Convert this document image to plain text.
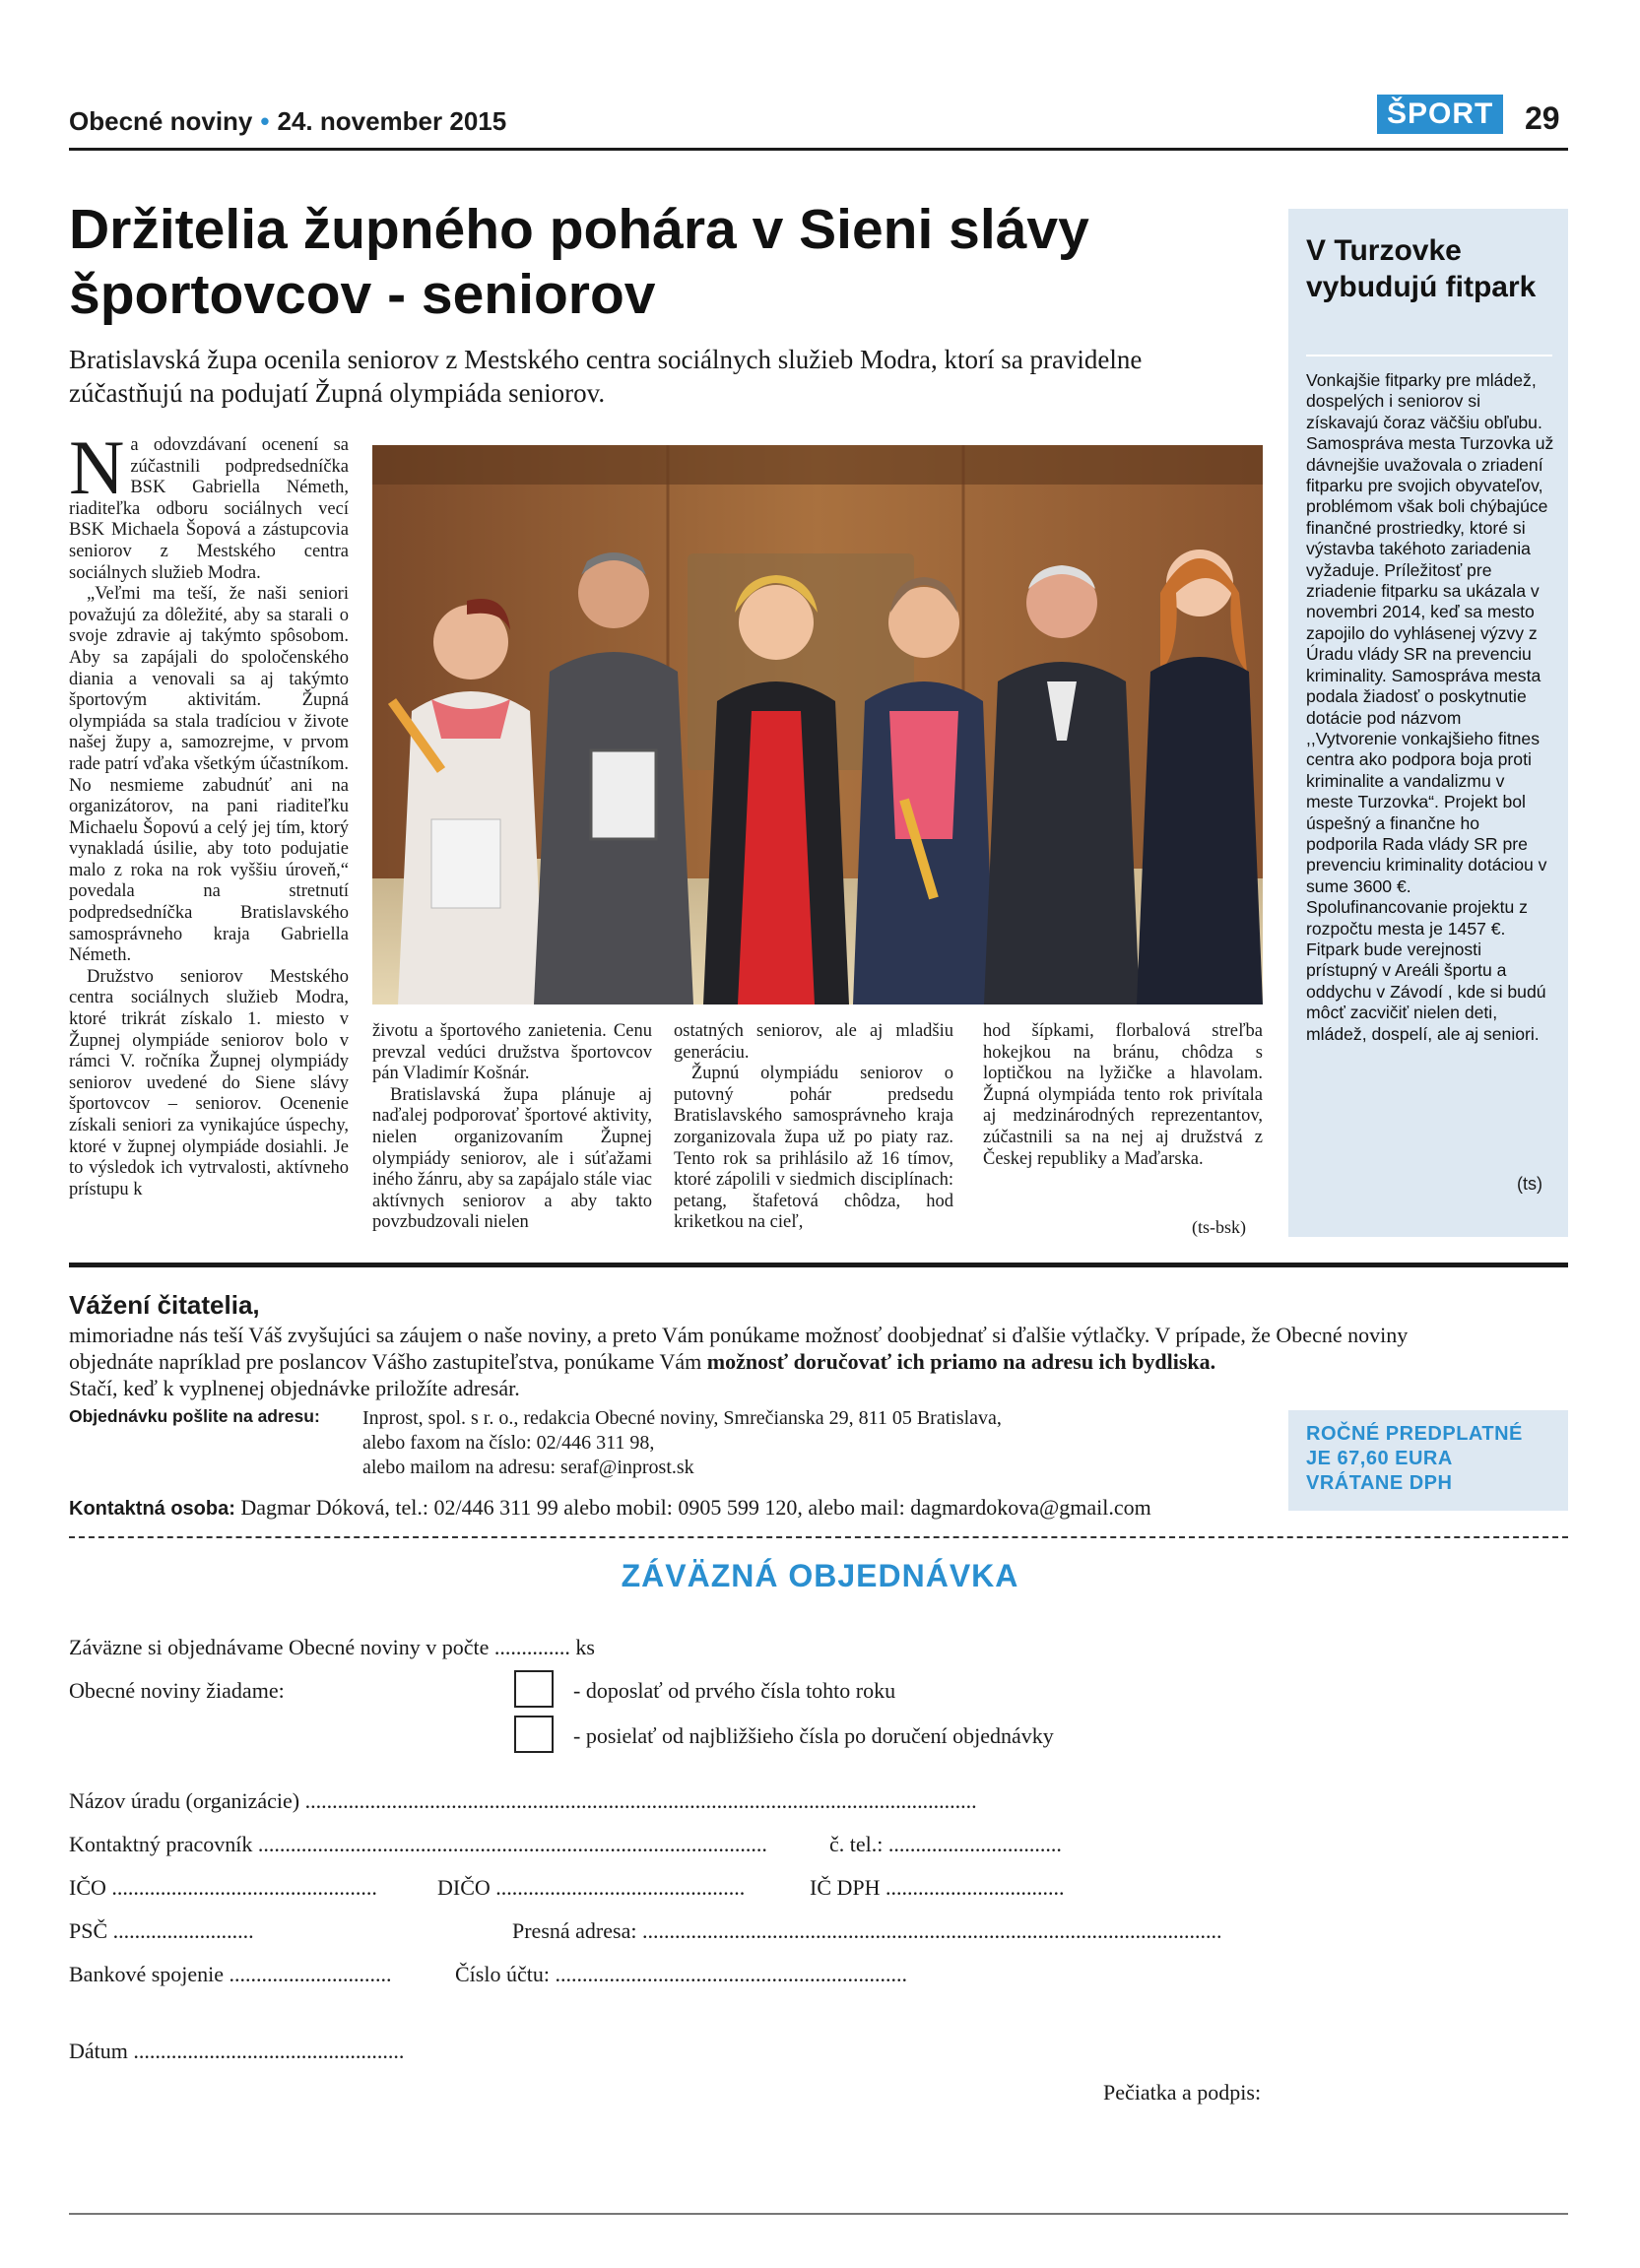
Obecné noviny • 24. november 2015	ŠPORT 29
Držitelia župného pohára v Sieni slávy športovcov - seniorov

Bratislavská župa ocenila seniorov z Mestského centra sociálnych služieb Modra, ktorí sa pravidelne zúčastňujú na podujatí Župná olympiáda seniorov.

Na odovzdávaní ocenení sa zúčastnili podpredsedníčka BSK Gabriella Németh, riaditeľka odboru sociálnych vecí BSK Michaela Šopová a zástupcovia seniorov z Mestského centra sociálnych služieb Modra.

„Veľmi ma teší, že naši seniori považujú za dôležité, aby sa starali o svoje zdravie aj takýmto spôsobom. Aby sa zapájali do spoločenského diania a venovali sa aj takýmto športovým aktivitám. Župná olympiáda sa stala tradíciou v živote našej župy a, samozrejme, v prvom rade patrí vďaka všetkým účastníkom. No nesmieme zabudnúť ani na organizátorov, na pani riaditeľku Michaelu Šopovú a celý jej tím, ktorý vynakladá úsilie, aby toto podujatie malo z roka na rok vyššiu úroveň,“ povedala na stretnutí podpredsedníčka Bratislavského samosprávneho kraja Gabriella Németh.

Družstvo seniorov Mestského centra sociálnych služieb Modra, ktoré trikrát získalo 1. miesto v Župnej olympiáde seniorov bolo v rámci V. ročníka Župnej olympiády seniorov uvedené do Siene slávy športovcov – seniorov. Ocenenie získali seniori za vynikajúce úspechy, ktoré v župnej olympiáde dosiahli. Je to výsledok ich vytrvalosti, aktívneho prístupu k

životu a športového zanietenia. Cenu prevzal vedúci družstva športovcov pán Vladimír Košnár.

Bratislavská župa plánuje aj naďalej podporovať športové aktivity, nielen organizovaním Župnej olympiády seniorov, ale i súťažami iného žánru, aby sa zapájalo stále viac aktívnych seniorov a aby takto povzbudzovali nielen

ostatných seniorov, ale aj mladšiu generáciu.

Župnú olympiádu seniorov o putovný pohár predsedu Bratislavského samosprávneho kraja zorganizovala župa už po piaty raz. Tento rok sa prihlásilo až 16 tímov, ktoré zápolili v siedmich disciplínach: petang, štafetová chôdza, hod kriketkou na cieľ,

hod šípkami, florbalová streľba hokejkou na bránu, chôdza s loptičkou na lyžičke a hlavolam. Župná olympiáda tento rok privítala aj medzinárodných reprezentantov, zúčastnili sa na nej aj družstvá z Českej republiky a Maďarska.

(ts-bsk)
V Turzovke vybudujú fitpark

Vonkajšie fitparky pre mládež, dospelých i seniorov si získavajú čoraz väčšiu obľubu. Samospráva mesta Turzovka už dávnejšie uvažovala o zriadení fitparku pre svojich obyvateľov, problémom však boli chýbajúce finančné prostriedky, ktoré si výstavba takéhoto zariadenia vyžaduje. Príležitosť pre zriadenie fitparku sa ukázala v novembri 2014, keď sa mesto zapojilo do vyhlásenej výzvy z Úradu vlády SR na prevenciu kriminality. Samospráva mesta podala žiadosť o poskytnutie dotácie pod názvom ,,Vytvorenie vonkajšieho fitnes centra ako podpora boja proti kriminalite a vandalizmu v meste Turzovka“. Projekt bol úspešný a finančne ho podporila Rada vlády SR pre prevenciu kriminality dotáciou v sume 3600 €. Spolufinancovanie projektu z rozpočtu mesta je 1457 €. Fitpark bude verejnosti prístupný v Areáli športu a oddychu v Závodí , kde si budú môcť zacvičiť nielen deti, mládež, dospelí, ale aj seniori.

(ts)
Vážení čitatelia,

mimoriadne nás teší Váš zvyšujúci sa záujem o naše noviny, a preto Vám ponúkame možnosť doobjednať si ďalšie výtlačky. V prípade, že Obecné noviny objednáte napríklad pre poslancov Vášho zastupiteľstva, ponúkame Vám možnosť doručovať ich priamo na adresu ich bydliska.
Stačí, keď k vyplnenej objednávke priložíte adresár.

Objednávku pošlite na adresu: Inprost, spol. s r. o., redakcia Obecné noviny, Smrečianska 29, 811 05 Bratislava,
alebo faxom na číslo: 02/446 311 98,
alebo mailom na adresu: seraf@inprost.sk
Kontaktná osoba: Dagmar Dóková, tel.: 02/446 311 99 alebo mobil: 0905 599 120, alebo mail: dagmardokova@gmail.com
ROČNÉ PREDPLATNÉ JE 67,60 EURA VRÁTANE DPH
ZÁVÄZNÁ OBJEDNÁVKA
Záväzne si objednávame Obecné noviny v počte .............. ks
Obecné noviny žiadame:	- doposlať od prvého čísla tohto roku
- posielať od najbližšieho čísla po doručení objednávky
Názov úradu (organizácie) ............................................................................................................................
Kontaktný pracovník ..............................................................................................	č. tel.: ................................
IČO .................................................	DIČO ..............................................	IČ DPH .................................
PSČ ..........................	Presná adresa: ...........................................................................................................
Bankové spojenie ..............................	Číslo účtu: .................................................................
Dátum ..................................................
Pečiatka a podpis:
